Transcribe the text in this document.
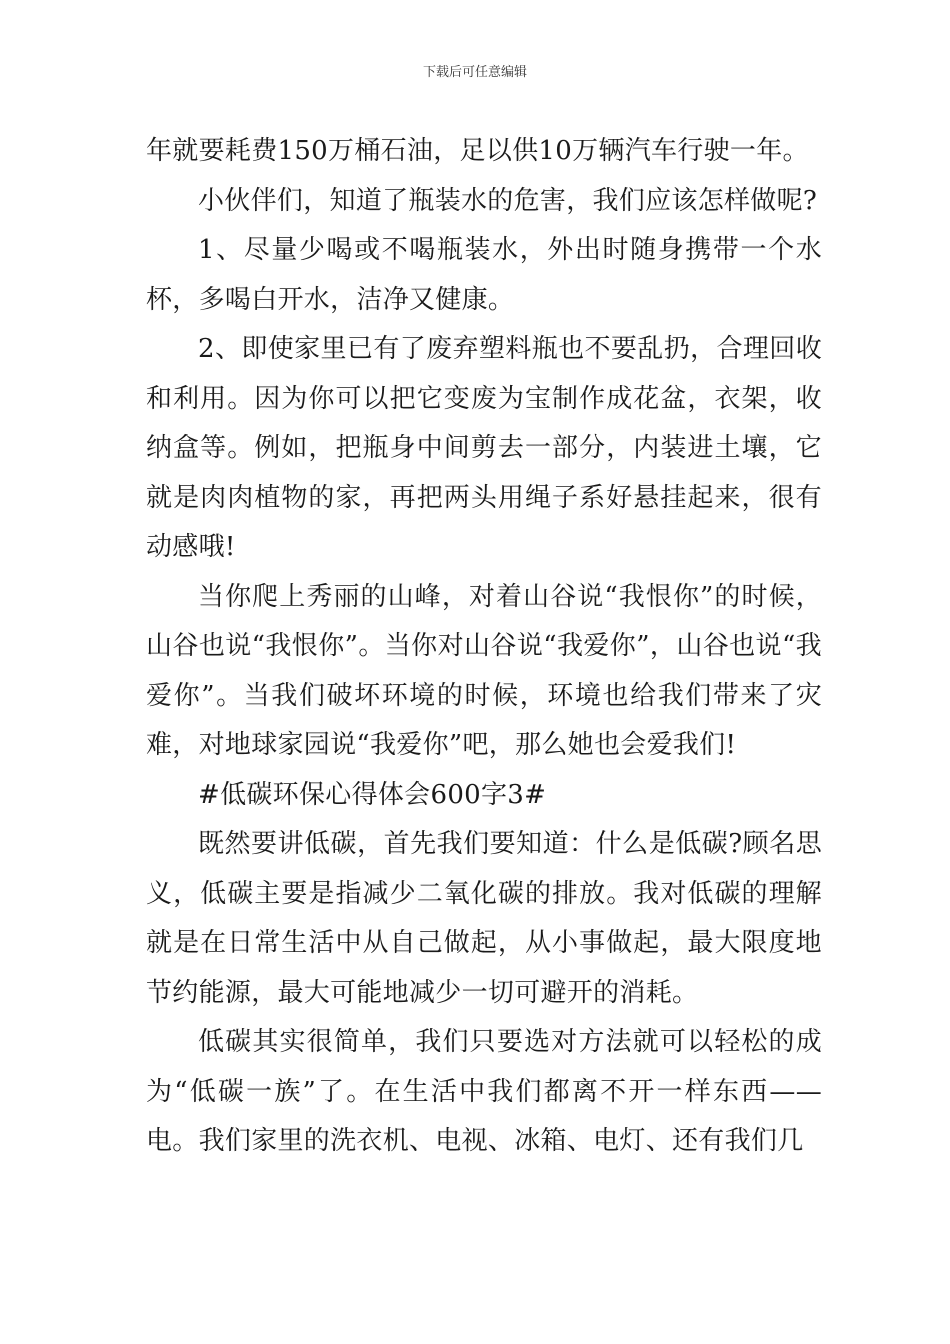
下载后可任意编辑

年就要耗费150万桶石油，足以供10万辆汽车行驶一年。

小伙伴们，知道了瓶装水的危害，我们应该怎样做呢?

1、尽量少喝或不喝瓶装水，外出时随身携带一个水杯，多喝白开水，洁净又健康。

2、即使家里已有了废弃塑料瓶也不要乱扔，合理回收和利用。因为你可以把它变废为宝制作成花盆，衣架，收纳盒等。例如，把瓶身中间剪去一部分，内装进土壤，它就是肉肉植物的家，再把两头用绳子系好悬挂起来，很有动感哦!

当你爬上秀丽的山峰，对着山谷说“我恨你”的时候，山谷也说“我恨你”。当你对山谷说“我爱你”，山谷也说“我爱你”。当我们破坏环境的时候，环境也给我们带来了灾难，对地球家园说“我爱你”吧，那么她也会爱我们!

#低碳环保心得体会600字3#

既然要讲低碳，首先我们要知道：什么是低碳?顾名思义，低碳主要是指减少二氧化碳的排放。我对低碳的理解就是在日常生活中从自己做起，从小事做起，最大限度地节约能源，最大可能地减少一切可避开的消耗。

低碳其实很简单，我们只要选对方法就可以轻松的成为“低碳一族”了。在生活中我们都离不开一样东西——电。我们家里的洗衣机、电视、冰箱、电灯、还有我们几
